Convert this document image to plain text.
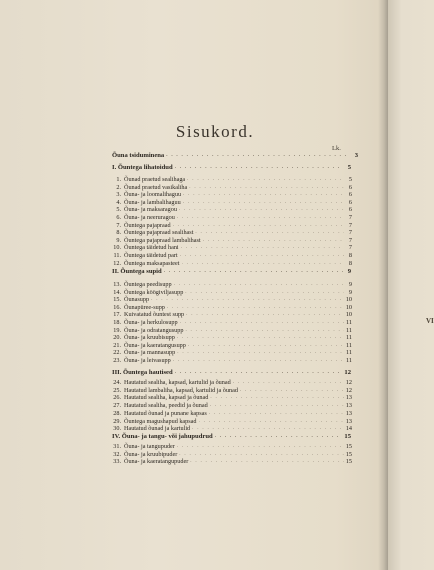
VI
Sisukord.
Lk.
Õuna tsiduminena . . .	3
I. Õuntega lihatoidud . . .	5
1. Õunad praetud sealihaga . . .	5
2. Õunad praetud vasikaliha . . .	6
3. Õuna- ja loomalihaguu . . .	6
4. Õuna- ja lambalihaguu . . .	6
5. Õuna- ja maksaragou . . .	6
6. Õuna- ja neeruragou . . .	7
7. Õuntega pajapraad . . .	7
8. Õuntega pajapraad sealihast . . .	7
9. Õuntega pajapraad lambalihast . . .	7
10. Õuntega täidetud hani . . .	7
11. Õuntega täidetud part . . .	8
12. Õuntega maksapasteet . . .	8
II. Õuntega supid . . .	9
13. Õuntega peedisupp . . .	9
14. Õuntega köögiviljasupp . . .	9
15. Õunasupp . . .	10
16. Õunapüree-supp . . .	10
17. Kuivatatud õuntest supp . . .	10
18. Õuna- ja herkulosupp . . .	11
19. Õuna- ja odratangusupp . . .	11
20. Õuna- ja kruubisupp . . .	11
21. Õuna- ja kaeratangusupp . . .	11
22. Õuna- ja mannasupp . . .	11
23. Õuna- ja leivasupp . . .	11
III. Õuntega hautised . . .	12
24. Hautatud sealiha, kapsad, kartulid ja õunad . . .	12
25. Hautatud lambaliha, kapsad, kartulid ja õunad . . .	12
26. Hautatud sealiha, kapsad ja õunad . . .	13
27. Hautatud sealiha, peedid ja õunad . . .	13
28. Hautatud õunad ja punane kapsas . . .	13
29. Õuntega magushapud kapsad . . .	13
30. Hautatud õunad ja kartulid . . .	14
IV. Õuna- ja tangu- või jahupudrud . . .	15
31. Õuna- ja tangupuder . . .	15
32. Õuna- ja kruubipuder . . .	15
33. Õuna- ja kaeratangupuder . . .	15
